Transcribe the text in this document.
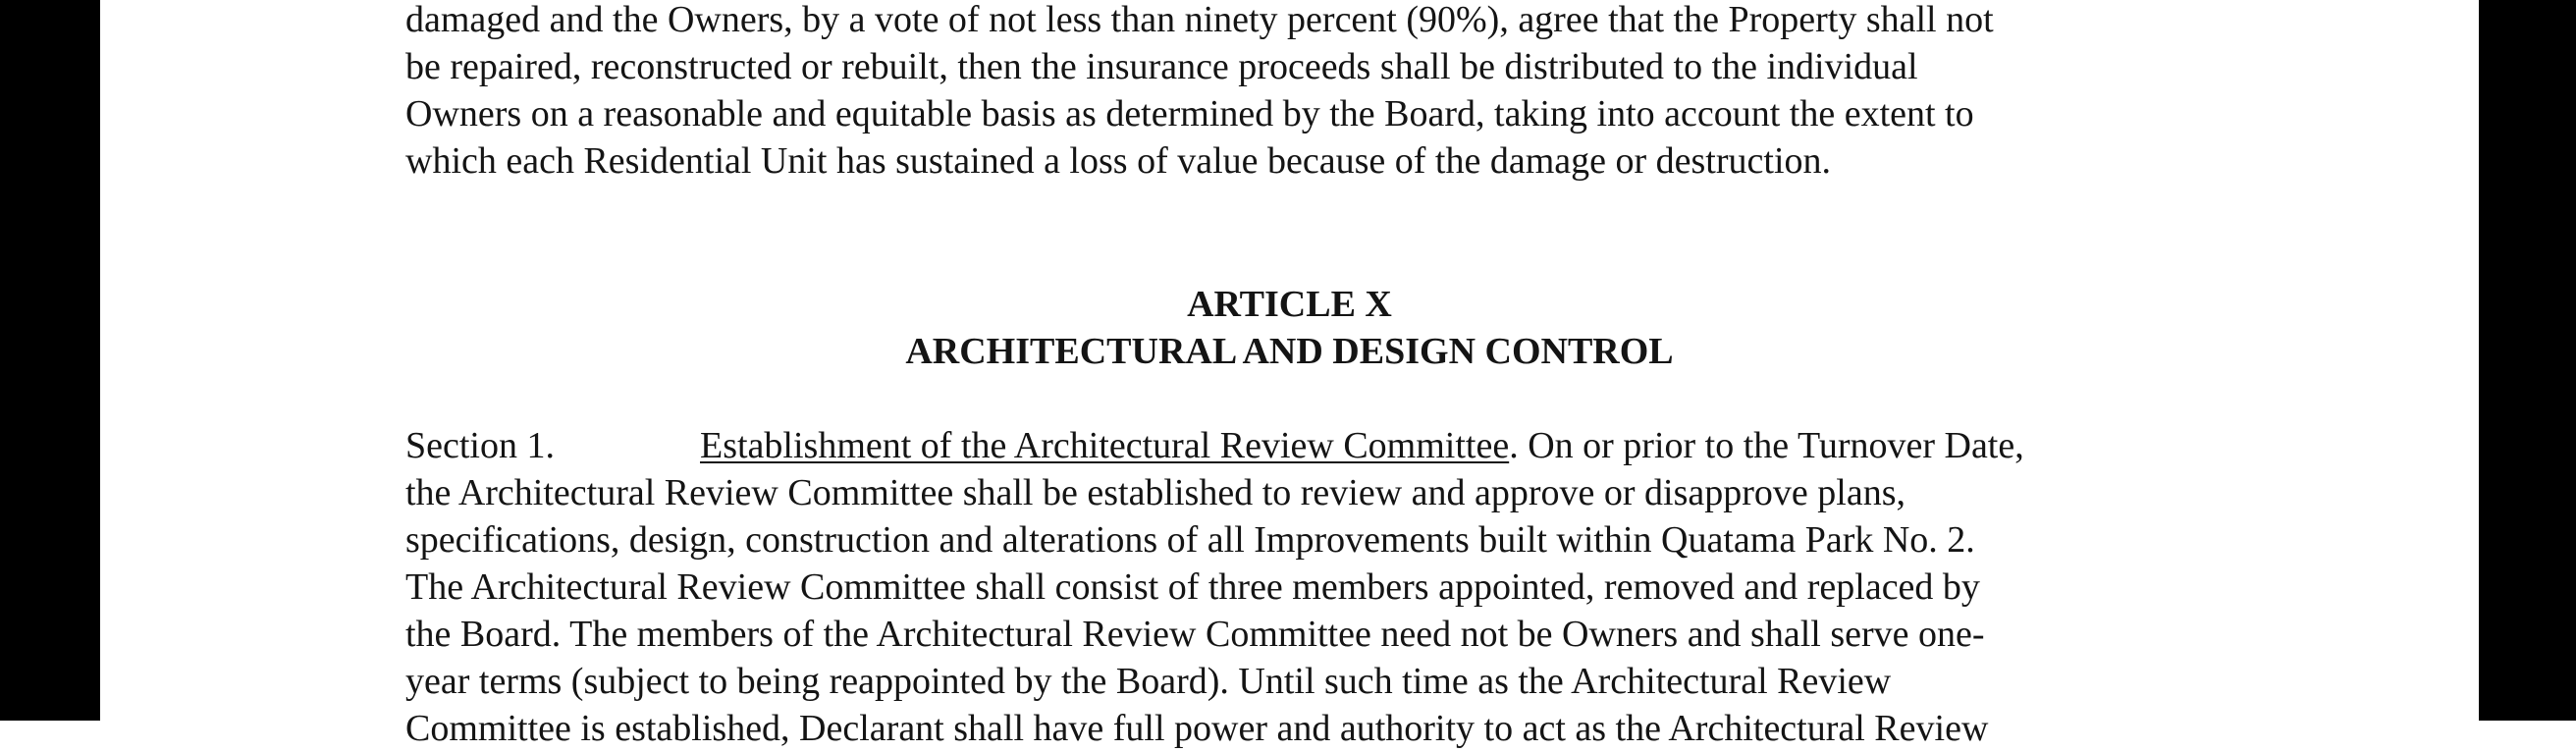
damaged and the Owners, by a vote of not less than ninety percent (90%), agree that the Property shall not
be repaired, reconstructed or rebuilt, then the insurance proceeds shall be distributed to the individual
Owners on a reasonable and equitable basis as determined by the Board, taking into account the extent to
which each Residential Unit has sustained a loss of value because of the damage or destruction.
ARTICLE X
ARCHITECTURAL AND DESIGN CONTROL
Section 1.	Establishment of the Architectural Review Committee. On or prior to the Turnover Date,
the Architectural Review Committee shall be established to review and approve or disapprove plans,
specifications, design, construction and alterations of all Improvements built within Quatama Park No. 2.
The Architectural Review Committee shall consist of three members appointed, removed and replaced by
the Board. The members of the Architectural Review Committee need not be Owners and shall serve one-
year terms (subject to being reappointed by the Board). Until such time as the Architectural Review
Committee is established, Declarant shall have full power and authority to act as the Architectural Review
